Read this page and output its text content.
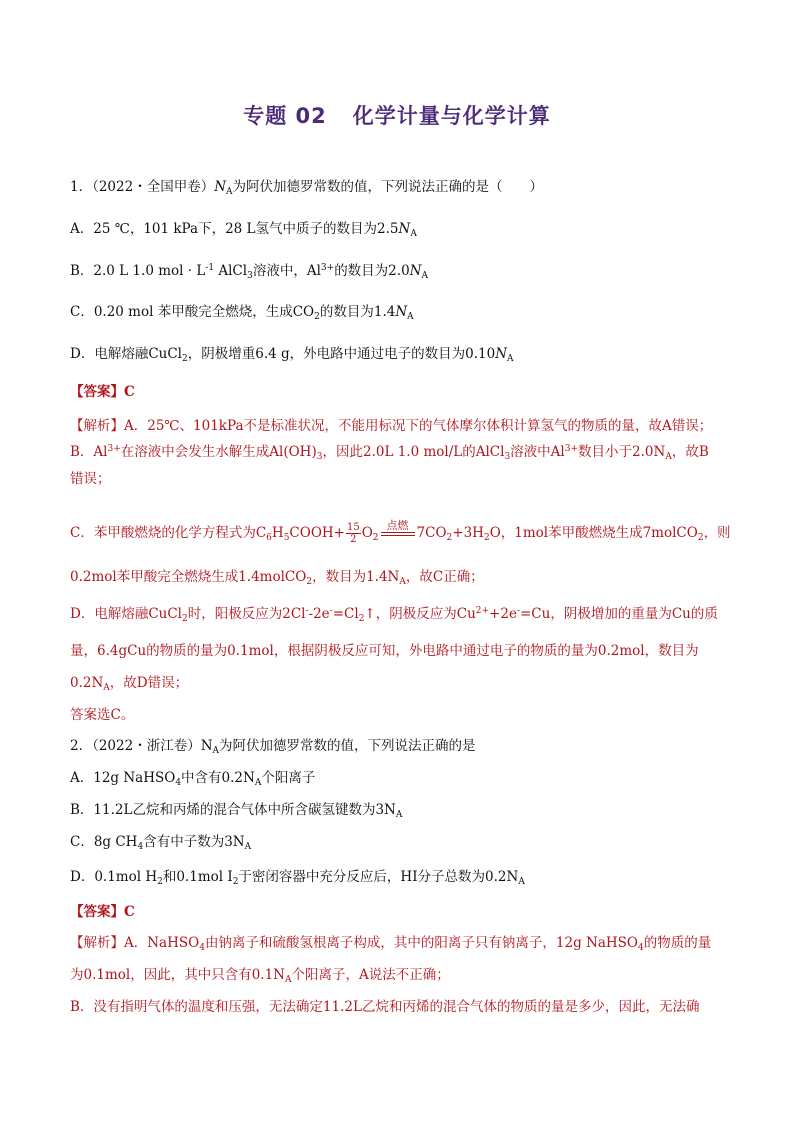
专题 02 化学计量与化学计算
1．（2022・全国甲卷）$N_A$为阿伏加德罗常数的值，下列说法正确的是（　　）
A．25 ℃，101 kPa下，28 L氢气中质子的数目为$2.5N_A$
B．2.0 L 1.0 mol · $L^{-1}$ AlCl$_3$溶液中，$Al^{3+}$的数目为$2.0N_A$
C．0.20 mol 苯甲酸完全燃烧，生成$CO_2$的数目为$1.4N_A$
D．电解熔融CuCl$_2$，阴极增重6.4 g，外电路中通过电子的数目为$0.10N_A$
【答案】C
【解析】A．25℃、101kPa不是标准状况，不能用标况下的气体摩尔体积计算氢气的物质的量，故A错误；
B．$Al^{3+}$在溶液中会发生水解生成$Al(OH)_3$，因此2.0L 1.0 mol/L的AlCl$_3$溶液中$Al^{3+}$数目小于$2.0N_A$，故B
错误；
C．苯甲酸燃烧的化学方程式为$C_6H_5COOH+ \frac{15}{2} O_2$
点燃 $7CO_2+3H_2O$，1mol苯甲酸燃烧生成7molCO$_2$，则
0.2mol苯甲酸完全燃烧生成1.4molCO$_2$，数目为$1.4N_A$，故C正确；
D．电解熔融CuCl$_2$时，阳极反应为$2Cl^--2e^-=Cl_2↑$，阴极反应为$Cu^{2+}+2e^-=Cu$，阴极增加的重量为Cu的质
量，6.4gCu的物质的量为0.1mol，根据阴极反应可知，外电路中通过电子的物质的量为0.2mol，数目为
$0.2N_A$，故D错误；
答案选C。
2．（2022・浙江卷）$N_A$为阿伏加德罗常数的值，下列说法正确的是
A．12g NaHSO$_4$中含有$0.2N_A$个阳离子
B．11.2L乙烷和丙烯的混合气体中所含碳氢键数为$3N_A$
C．8g $CH_4$含有中子数为$3N_A$
D．0.1mol $H_2$和0.1mol $I_2$于密闭容器中充分反应后，HI分子总数为$0.2N_A$
【答案】C
【解析】A．NaHSO$_4$由钠离子和硫酸氢根离子构成，其中的阳离子只有钠离子，12g NaHSO$_4$的物质的量
为0.1mol，因此，其中只含有$0.1N_A$个阳离子，A说法不正确；
B．没有指明气体的温度和压强，无法确定11.2L乙烷和丙烯的混合气体的物质的量是多少，因此，无法确
